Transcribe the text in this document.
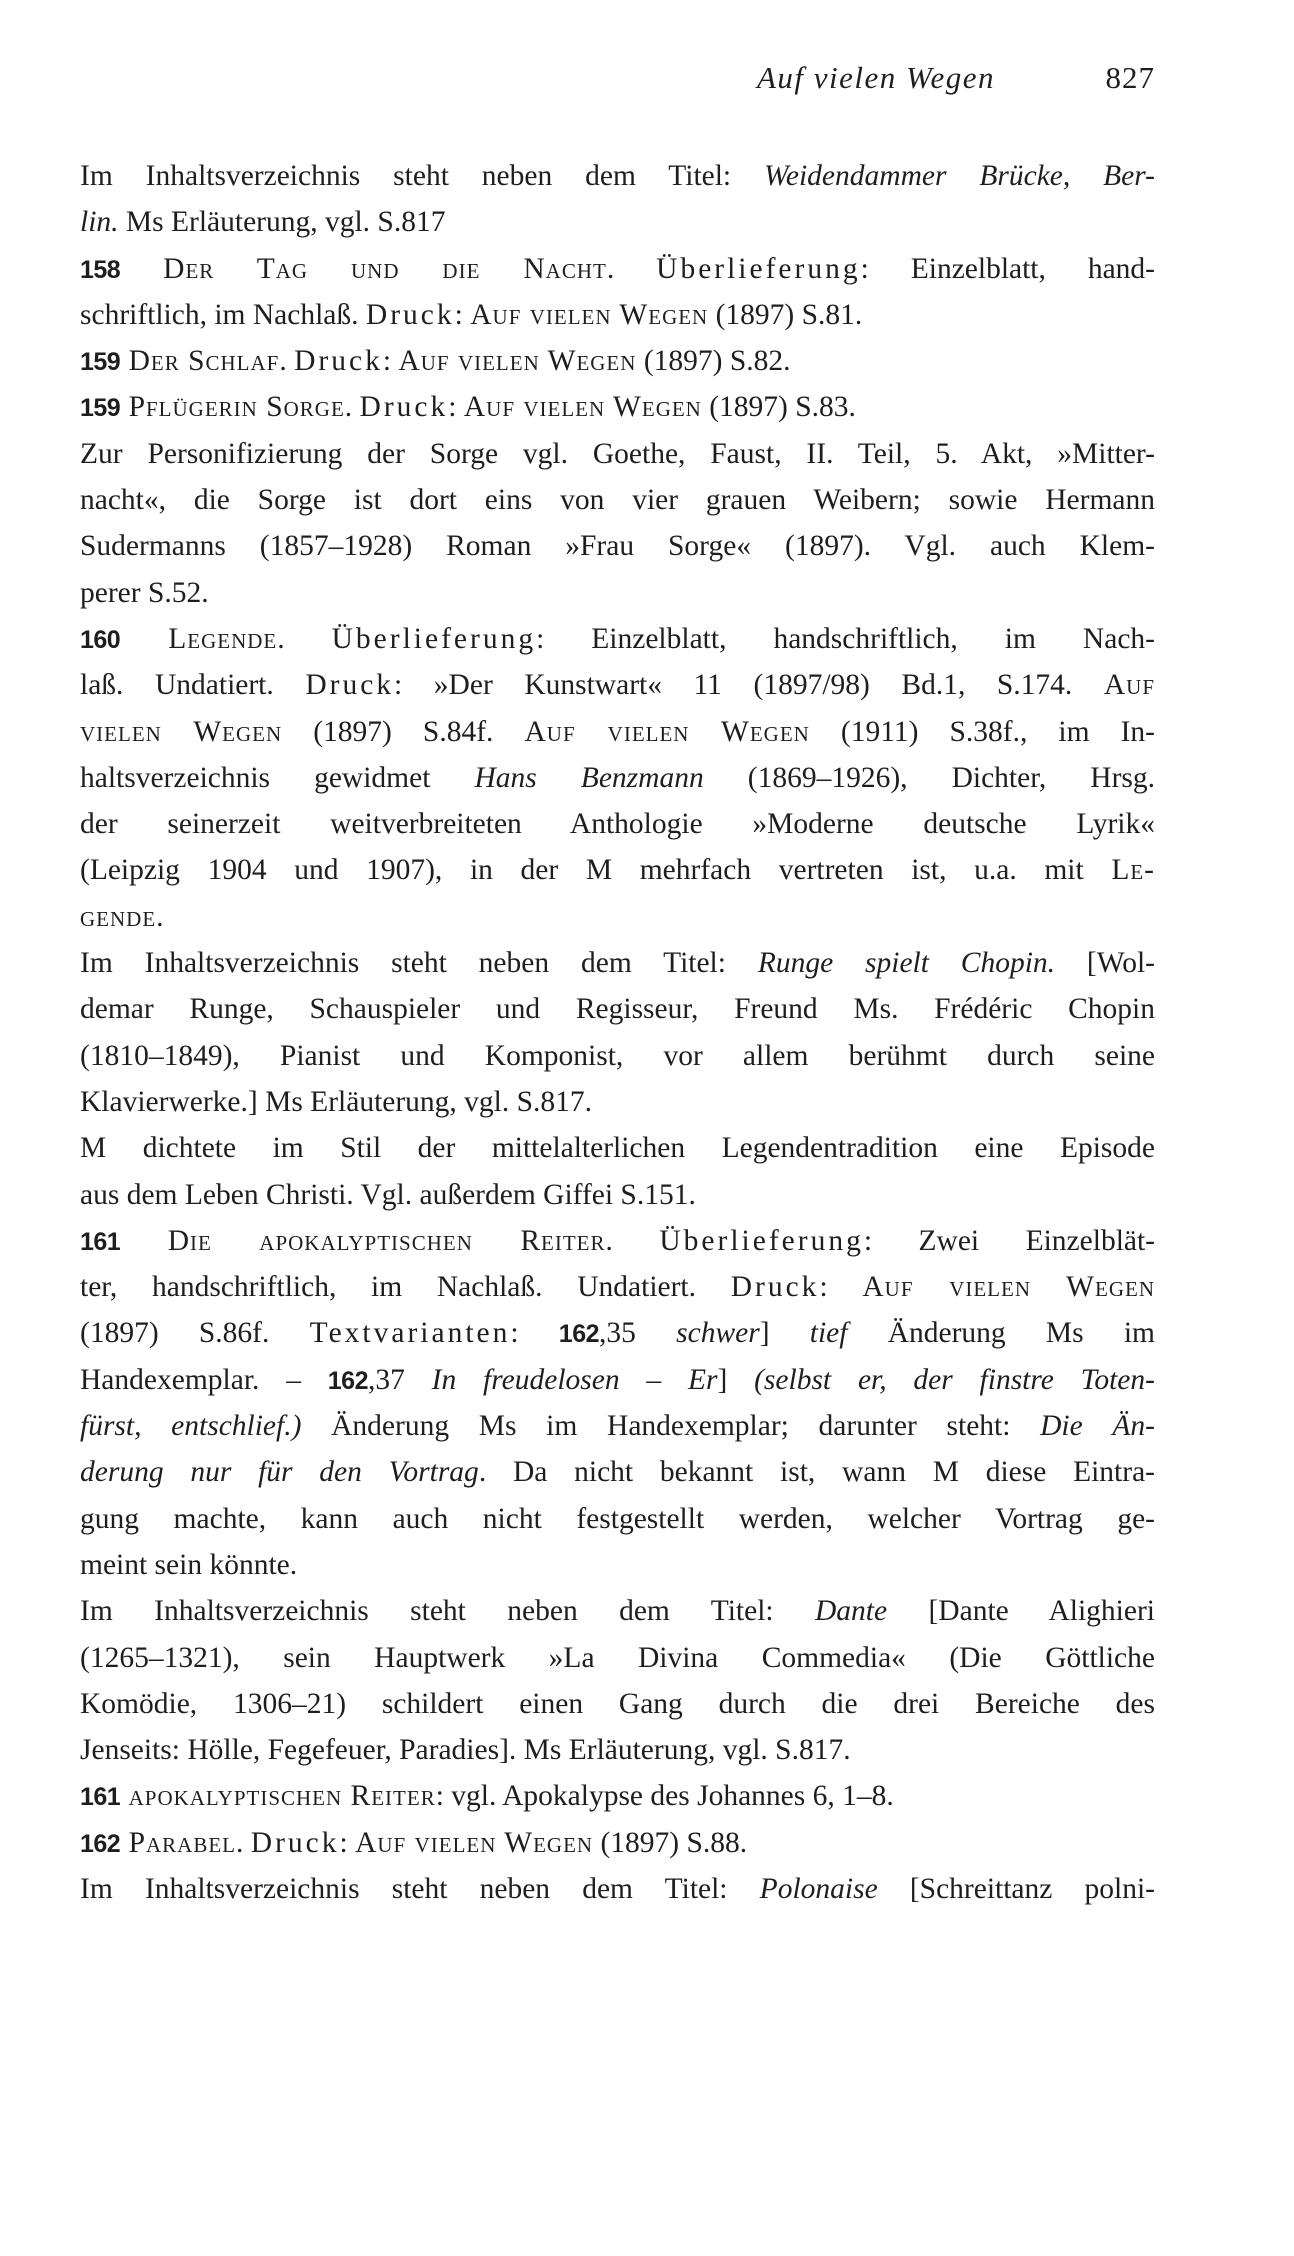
Auf vielen Wegen	827
Im Inhaltsverzeichnis steht neben dem Titel: Weidendammer Brücke, Ber-
lin. Ms Erläuterung, vgl. S.817
158 Der Tag und die Nacht. Überlieferung: Einzelblatt, hand-
schriftlich, im Nachlaß. Druck: Auf vielen Wegen (1897) S.81.
159 Der Schlaf. Druck: Auf vielen Wegen (1897) S.82.
159 Pflügerin Sorge. Druck: Auf vielen Wegen (1897) S.83.
Zur Personifizierung der Sorge vgl. Goethe, Faust, II. Teil, 5. Akt, »Mitter-
nacht«, die Sorge ist dort eins von vier grauen Weibern; sowie Hermann
Sudermanns (1857–1928) Roman »Frau Sorge« (1897). Vgl. auch Klem-
perer S.52.
160 Legende. Überlieferung: Einzelblatt, handschriftlich, im Nach-
laß. Undatiert. Druck: »Der Kunstwart« 11 (1897/98) Bd.1, S.174. Auf
vielen Wegen (1897) S.84f. Auf vielen Wegen (1911) S.38f., im In-
haltsverzeichnis gewidmet Hans Benzmann (1869–1926), Dichter, Hrsg.
der seinerzeit weitverbreiteten Anthologie »Moderne deutsche Lyrik«
(Leipzig 1904 und 1907), in der M mehrfach vertreten ist, u.a. mit Le-
gende.
Im Inhaltsverzeichnis steht neben dem Titel: Runge spielt Chopin. [Wol-
demar Runge, Schauspieler und Regisseur, Freund Ms. Frédéric Chopin
(1810–1849), Pianist und Komponist, vor allem berühmt durch seine
Klavierwerke.] Ms Erläuterung, vgl. S.817.
M dichtete im Stil der mittelalterlichen Legendentradition eine Episode
aus dem Leben Christi. Vgl. außerdem Giffei S.151.
161 Die apokalyptischen Reiter. Überlieferung: Zwei Einzelblät-
ter, handschriftlich, im Nachlaß. Undatiert. Druck: Auf vielen Wegen
(1897) S.86f. Textvarianten: 162,35 schwer] tief Änderung Ms im
Handexemplar. – 162,37 In freudelosen – Er] (selbst er, der finstre Toten-
fürst, entschlief.) Änderung Ms im Handexemplar; darunter steht: Die Än-
derung nur für den Vortrag. Da nicht bekannt ist, wann M diese Eintra-
gung machte, kann auch nicht festgestellt werden, welcher Vortrag ge-
meint sein könnte.
Im Inhaltsverzeichnis steht neben dem Titel: Dante [Dante Alighieri
(1265–1321), sein Hauptwerk »La Divina Commedia« (Die Göttliche
Komödie, 1306–21) schildert einen Gang durch die drei Bereiche des
Jenseits: Hölle, Fegefeuer, Paradies]. Ms Erläuterung, vgl. S.817.
161 apokalyptischen Reiter: vgl. Apokalypse des Johannes 6, 1–8.
162 Parabel. Druck: Auf vielen Wegen (1897) S.88.
Im Inhaltsverzeichnis steht neben dem Titel: Polonaise [Schreittanz polni-
